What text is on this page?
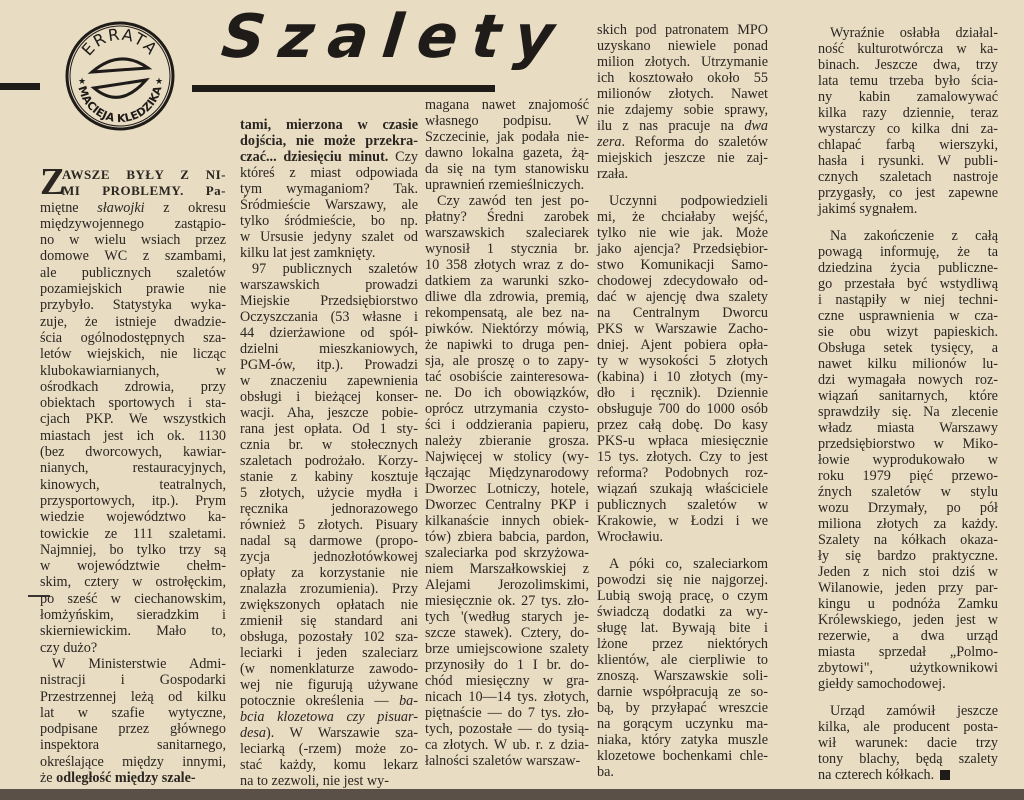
ERRATA
MACIEJA KLEDZIKA
★	★
Szalety
Z
AWSZE BYŁY Z NI-
MI PROBLEMY. Pa-
miętne sławojki z okresu
międzywojennego zastąpio-
no w wielu wsiach przez
domowe WC z szambami,
ale publicznych szaletów
pozamiejskich prawie nie
przybyło. Statystyka wyka-
zuje, że istnieje dwadzie-
ścia ogólnodostępnych sza-
letów wiejskich, nie licząc
klubokawiarnianych, w
ośrodkach zdrowia, przy
obiektach sportowych i sta-
cjach PKP. We wszystkich
miastach jest ich ok. 1130
(bez dworcowych, kawiar-
nianych, restauracyjnych,
kinowych, teatralnych,
przysportowych, itp.). Prym
wiedzie województwo ka-
towickie ze 111 szaletami.
Najmniej, bo tylko trzy są
w województwie chełm-
skim, cztery w ostrołęckim,
po sześć w ciechanowskim,
łomżyńskim, sieradzkim i
skierniewickim. Mało to,
czy dużo?
W Ministerstwie Admi-
nistracji i Gospodarki
Przestrzennej leżą od kilku
lat w szafie wytyczne,
podpisane przez głównego
inspektora sanitarnego,
określające między innymi,
że odległość między szale-
tami, mierzona w czasie
dojścia, nie może przekra-
czać... dziesięciu minut. Czy
któreś z miast odpowiada
tym wymaganiom? Tak.
Śródmieście Warszawy, ale
tylko śródmieście, bo np.
w Ursusie jedyny szalet od
kilku lat jest zamknięty.
97 publicznych szaletów
warszawskich prowadzi
Miejskie Przedsiębiorstwo
Oczyszczania (53 własne i
44 dzierżawione od spół-
dzielni mieszkaniowych,
PGM-ów, itp.). Prowadzi
w znaczeniu zapewnienia
obsługi i bieżącej konser-
wacji. Aha, jeszcze pobie-
rana jest opłata. Od 1 sty-
cznia br. w stołecznych
szaletach podrożało. Korzy-
stanie z kabiny kosztuje
5 złotych, użycie mydła i
ręcznika jednorazowego
również 5 złotych. Pisuary
nadal są darmowe (propo-
zycja jednozłotówkowej
opłaty za korzystanie nie
znalazła zrozumienia). Przy
zwiększonych opłatach nie
zmienił się standard ani
obsługa, pozostały 102 sza-
leciarki i jeden szaleciarz
(w nomenklaturze zawodo-
wej nie figurują używane
potocznie określenia — ba-
bcia klozetowa czy pisuar-
desa). W Warszawie sza-
leciarką (-rzem) może zo-
stać każdy, komu lekarz
na to zezwoli, nie jest wy-
magana nawet znajomość
własnego podpisu. W
Szczecinie, jak podała nie-
dawno lokalna gazeta, żą-
da się na tym stanowisku
uprawnień rzemieślniczych.
Czy zawód ten jest po-
płatny? Średni zarobek
warszawskich szaleciarek
wynosił 1 stycznia br.
10 358 złotych wraz z do-
datkiem za warunki szko-
dliwe dla zdrowia, premią,
rekompensatą, ale bez na-
piwków. Niektórzy mówią,
że napiwki to druga pen-
sja, ale proszę o to zapy-
tać osobiście zainteresowa-
ne. Do ich obowiązków,
oprócz utrzymania czysto-
ści i oddzierania papieru,
należy zbieranie grosza.
Najwięcej w stolicy (wy-
łączając Międzynarodowy
Dworzec Lotniczy, hotele,
Dworzec Centralny PKP i
kilkanaście innych obiek-
tów) zbiera babcia, pardon,
szaleciarka pod skrzyżowa-
niem Marszałkowskiej z
Alejami Jerozolimskimi,
miesięcznie ok. 27 tys. zło-
tych '(według starych je-
szcze stawek). Cztery, do-
brze umiejscowione szalety
przynosiły do 1 I br. do-
chód miesięczny w gra-
nicach 10—14 tys. złotych,
piętnaście — do 7 tys. zło-
tych, pozostałe — do tysią-
ca złotych. W ub. r. z dzia-
łalności szaletów warszaw-
skich pod patronatem MPO
uzyskano niewiele ponad
milion złotych. Utrzymanie
ich kosztowało około 55
milionów złotych. Nawet
nie zdajemy sobie sprawy,
ilu z nas pracuje na dwa
zera. Reforma do szaletów
miejskich jeszcze nie zaj-
rzała.
Uczynni podpowiedzieli
mi, że chciałaby wejść,
tylko nie wie jak. Może
jako ajencja? Przedsiębior-
stwo Komunikacji Samo-
chodowej zdecydowało od-
dać w ajencję dwa szalety
na Centralnym Dworcu
PKS w Warszawie Zacho-
dniej. Ajent pobiera opła-
ty w wysokości 5 złotych
(kabina) i 10 złotych (my-
dło i ręcznik). Dziennie
obsługuje 700 do 1000 osób
przez całą dobę. Do kasy
PKS-u wpłaca miesięcznie
15 tys. złotych. Czy to jest
reforma? Podobnych roz-
wiązań szukają właściciele
publicznych szaletów w
Krakowie, w Łodzi i we
Wrocławiu.
A póki co, szaleciarkom
powodzi się nie najgorzej.
Lubią swoją pracę, o czym
świadczą dodatki za wy-
sługę lat. Bywają bite i
lżone przez niektórych
klientów, ale cierpliwie to
znoszą. Warszawskie soli-
darnie współpracują ze so-
bą, by przyłapać wreszcie
na gorącym uczynku ma-
niaka, który zatyka muszle
klozetowe bochenkami chle-
ba.
Wyraźnie osłabła działal-
ność kulturotwórcza w ka-
binach. Jeszcze dwa, trzy
lata temu trzeba było ścia-
ny kabin zamalowywać
kilka razy dziennie, teraz
wystarczy co kilka dni za-
chlapać farbą wierszyki,
hasła i rysunki. W publi-
cznych szaletach nastroje
przygasły, co jest zapewne
jakimś sygnałem.
Na zakończenie z całą
powagą informuję, że ta
dziedzina życia publiczne-
go przestała być wstydliwą
i nastąpiły w niej techni-
czne usprawnienia w cza-
sie obu wizyt papieskich.
Obsługa setek tysięcy, a
nawet kilku milionów lu-
dzi wymagała nowych roz-
wiązań sanitarnych, które
sprawdziły się. Na zlecenie
władz miasta Warszawy
przedsiębiorstwo w Miko-
łowie wyprodukowało w
roku 1979 pięć przewo-
źnych szaletów w stylu
wozu Drzymały, po pół
miliona złotych za każdy.
Szalety na kółkach okaza-
ły się bardzo praktyczne.
Jeden z nich stoi dziś w
Wilanowie, jeden przy par-
kingu u podnóża Zamku
Królewskiego, jeden jest w
rezerwie, a dwa urząd
miasta sprzedał „Polmo-
zbytowi", użytkownikowi
giełdy samochodowej.
Urząd zamówił jeszcze
kilka, ale producent posta-
wił warunek: dacie trzy
tony blachy, będą szalety
na czterech kółkach.
